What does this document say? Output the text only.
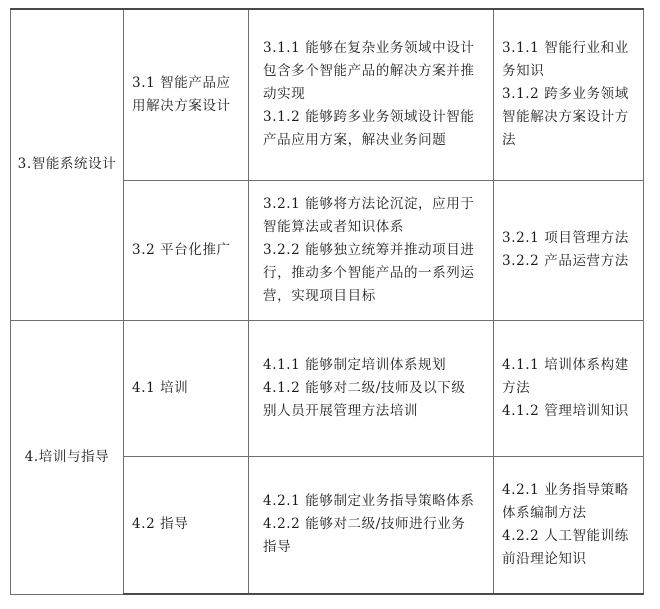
3.智能系统设计	3.1 智能产品应用解决方案设计	3.1.1 能够在复杂业务领域中设计包含多个智能产品的解决方案并推动实现
3.1.2 能够跨多业务领域设计智能产品应用方案，解决业务问题	3.1.1 智能行业和业务知识
3.1.2 跨多业务领域智能解决方案设计方法

	3.2 平台化推广	3.2.1 能够将方法论沉淀，应用于智能算法或者知识体系
3.2.2 能够独立统筹并推动项目进行，推动多个智能产品的一系列运营，实现项目目标	3.2.1 项目管理方法
3.2.2 产品运营方法

4.培训与指导	4.1 培训	4.1.1 能够制定培训体系规划
4.1.2 能够对二级/技师及以下级别人员开展管理方法培训	4.1.1 培训体系构建方法
4.1.2 管理培训知识

	4.2 指导	4.2.1 能够制定业务指导策略体系
4.2.2 能够对二级/技师进行业务指导	4.2.1 业务指导策略体系编制方法
4.2.2 人工智能训练前沿理论知识
